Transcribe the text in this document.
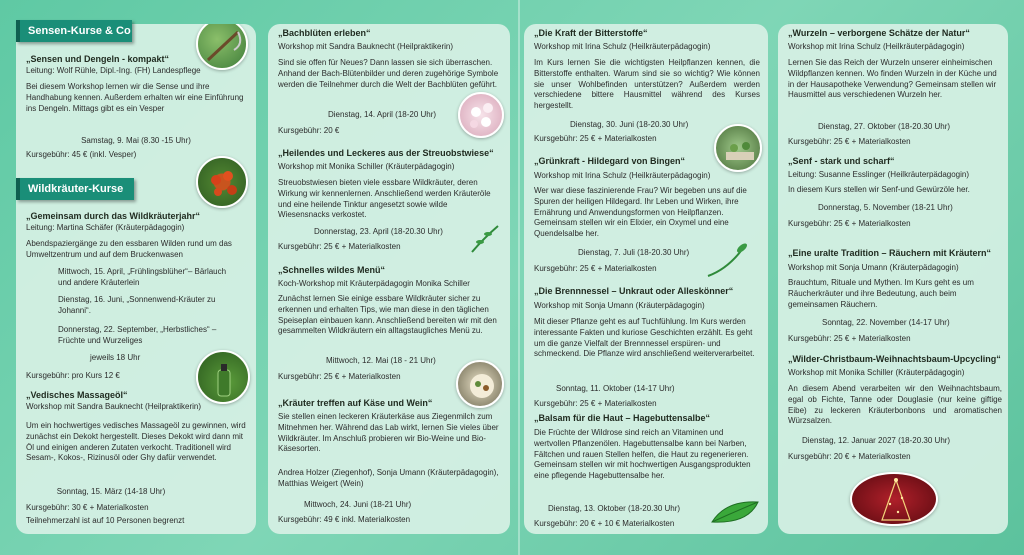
„Sensen und Dengeln - kompakt“
Leitung: Wolf Rühle, Dipl.-Ing. (FH) Landespflege
Bei diesem Workshop lernen wir die Sense und ihre Handhabung kennen. Außerdem erhalten wir eine Einführung ins Dengeln. Mittags gibt es ein Vesper
Samstag, 9. Mai (8.30 -15 Uhr)
Kursgebühr: 45 € (inkl. Vesper)
„Gemeinsam durch das Wildkräuterjahr“
Leitung: Martina Schäfer (Kräuterpädagogin)
Abendspaziergänge zu den essbaren Wilden rund um das Umweltzentrum und auf dem Bruckenwasen
Mittwoch, 15. April, „Frühlingsblüher“– Bärlauch und andere Kräuterlein
Dienstag, 16. Juni, „Sonnenwend-Kräuter zu Johanni“.
Donnerstag, 22. September, „Herbstliches“ – Früchte und Wurzeliges
jeweils 18 Uhr
Kursgebühr: pro Kurs 12 €
„Vedisches Massageöl“
Workshop mit Sandra Bauknecht (Heilpraktikerin)
Um ein hochwertiges vedisches Massageöl zu gewinnen, wird zunächst ein Dekokt hergestellt. Dieses Dekokt wird dann mit Öl und einigen anderen Zutaten verkocht. Traditionell wird Sesam-, Kokos-, Rizinusöl oder Ghy dafür verwendet.
Sonntag, 15. März (14-18 Uhr)
Kursgebühr: 30 € + Materialkosten
Teilnehmerzahl ist auf 10 Personen begrenzt
Sensen-Kurse & Co
Wildkräuter-Kurse
„Bachblüten erleben“
Workshop mit Sandra Bauknecht (Heilpraktikerin)
Sind sie offen für Neues? Dann lassen sie sich überraschen. Anhand der Bach-Blütenbilder und deren zugehörige Symbole werden die Teilnehmer durch die Welt der Bachblüten geführt.
Dienstag, 14. April (18-20 Uhr)
Kursgebühr: 20 €
„Heilendes und Leckeres aus der Streuobstwiese“
Workshop mit Monika Schiller (Kräuterpädagogin)
Streuobstwiesen bieten viele essbare Wildkräuter, deren Wirkung wir kennenlernen. Anschließend werden Kräuteröle und eine heilende Tinktur angesetzt sowie wilde Wiesensnacks verkostet.
Donnerstag, 23. April (18-20.30 Uhr)
Kursgebühr: 25 € + Materialkosten
„Schnelles wildes Menü“
Koch-Workshop mit Kräuterpädagogin Monika Schiller
Zunächst lernen Sie einige essbare Wildkräuter sicher zu erkennen und erhalten Tips, wie man diese in den täglichen Speiseplan einbauen kann. Anschließend bereiten wir mit den gesammelten Wildkräutern ein alltagstaugliches Menü zu.
Mittwoch, 12. Mai (18 - 21 Uhr)
Kursgebühr: 25 € + Materialkosten
„Kräuter treffen auf Käse und Wein“
Sie stellen einen leckeren Kräuterkäse aus Ziegenmilch zum Mitnehmen her. Während das Lab wirkt, lernen Sie vieles über Wildkräuter. Im Anschluß probieren wir Bio-Weine und Bio-Käsesorten.
Andrea Holzer (Ziegenhof), Sonja Umann (Kräuterpädagogin), Matthias Weigert (Wein)
Mittwoch, 24. Juni (18-21 Uhr)
Kursgebühr: 49 € inkl. Materialkosten
„Die Kraft der Bitterstoffe“
Workshop mit Irina Schulz (Heilkräuterpädagogin)
Im Kurs lernen Sie die wichtigsten Heilpflanzen kennen, die Bitterstoffe enthalten. Warum sind sie so wichtig? Wie können sie unser Wohlbefinden unterstützen? Außerdem werden verschiedene bittere Hausmittel während des Kurses hergestellt.
Dienstag, 30. Juni (18-20.30 Uhr)
Kursgebühr: 25 € + Materialkosten
„Grünkraft - Hildegard von Bingen“
Workshop mit Irina Schulz (Heilkräuterpädagogin)
Wer war diese faszinierende Frau? Wir begeben uns auf die Spuren der heiligen Hildegard. Ihr Leben und Wirken, ihre Ernährung und Anwendungsformen von Heilpflanzen. Gemeinsam stellen wir ein Elixier, ein Oxymel und eine Quendelsalbe her.
Dienstag, 7. Juli (18-20.30 Uhr)
Kursgebühr: 25 € + Materialkosten
„Die Brennnessel – Unkraut oder Alleskönner“
Workshop mit Sonja Umann (Kräuterpädagogin)
Mit dieser Pflanze geht es auf Tuchfühlung. Im Kurs werden interessante Fakten und kuriose Geschichten erzählt. Es geht um die ganze Vielfalt der Brennnessel erspüren- und schmeckend. Die Pflanze wird anschließend weiterverarbeitet.
Sonntag, 11. Oktober (14-17 Uhr)
Kursgebühr: 25 € + Materialkosten
„Balsam für die Haut – Hagebuttensalbe“
Die Früchte der Wildrose sind reich an Vitaminen und wertvollen Pflanzenölen. Hagebuttensalbe kann bei Narben, Fältchen und rauen Stellen helfen, die Haut zu regenerieren. Gemeinsam stellen wir mit hochwertigen Ausgangsprodukten eine pflegende Hagebuttensalbe her.
Dienstag, 13. Oktober (18-20.30 Uhr)
Kursgebühr: 20 € + 10 € Materialkosten
„Wurzeln – verborgene Schätze der Natur“
Workshop mit Irina Schulz (Heilkräuterpädagogin)
Lernen Sie das Reich der Wurzeln unserer einheimischen Wildpflanzen kennen. Wo finden Wurzeln in der Küche und in der Hausapotheke Verwendung? Gemeinsam stellen wir Hausmittel aus verschiedenen Wurzeln her.
Dienstag, 27. Oktober (18-20.30 Uhr)
Kursgebühr: 25 € + Materialkosten
„Senf - stark und scharf“
Leitung: Susanne Esslinger (Heilkräuterpädagogin)
In diesem Kurs stellen wir Senf-und Gewürzöle her.
Donnerstag, 5. November (18-21 Uhr)
Kursgebühr: 25 € + Materialkosten
„Eine uralte Tradition – Räuchern mit Kräutern“
Workshop mit Sonja Umann (Kräuterpädagogin)
Brauchtum, Rituale und Mythen. Im Kurs geht es um Räucherkräuter und ihre Bedeutung, auch beim gemeinsamen Räuchern.
Sonntag, 22. November (14-17 Uhr)
Kursgebühr: 25 € + Materialkosten
„Wilder-Christbaum-Weihnachtsbaum-Upcycling“
Workshop mit Monika Schiller (Kräuterpädagogin)
An diesem Abend verarbeiten wir den Weihnachtsbaum, egal ob Fichte, Tanne oder Douglasie (nur keine giftige Eibe) zu leckeren Kräuterbonbons und aromatischen Würzsalzen.
Dienstag, 12. Januar 2027 (18-20.30 Uhr)
Kursgebühr: 20 € + Materialkosten
